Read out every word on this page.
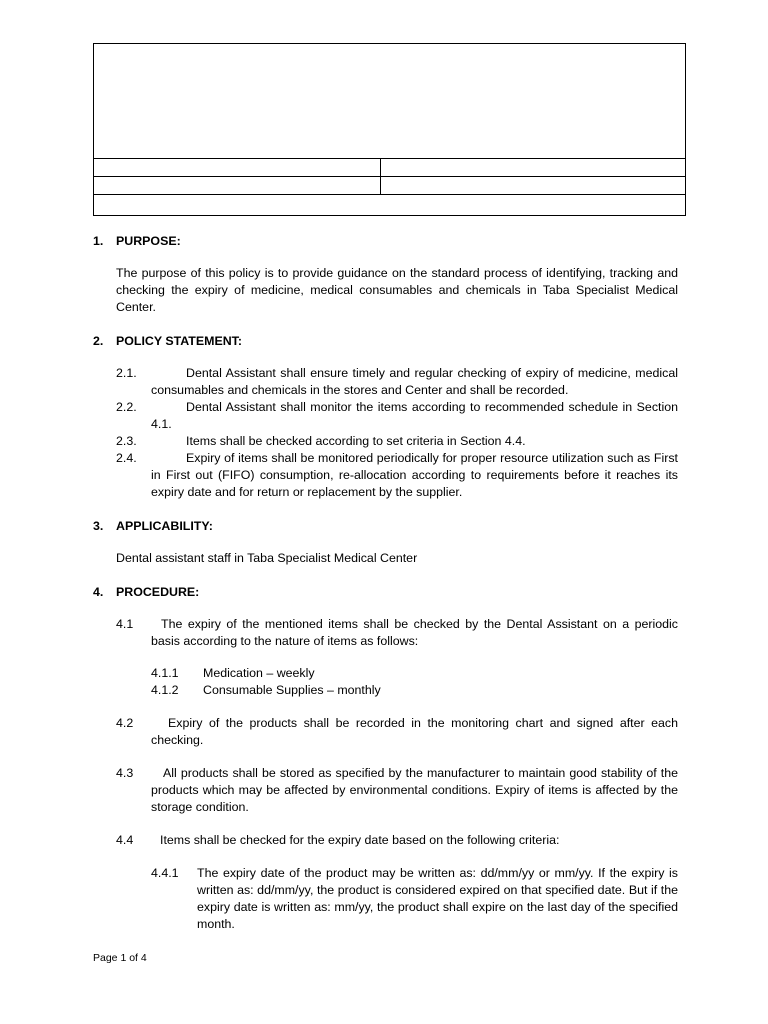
1.	PURPOSE:

The purpose of this policy is to provide guidance on the standard process of identifying, tracking and checking the expiry of medicine, medical consumables and chemicals in Taba Specialist Medical Center.

2.	POLICY STATEMENT:
2.1.	Dental Assistant shall ensure timely and regular checking of expiry of medicine, medical consumables and chemicals in the stores and Center and shall be recorded.
2.2.	Dental Assistant shall monitor the items according to recommended schedule in Section 4.1.
2.3.	Items shall be checked according to set criteria in Section 4.4.
2.4.	Expiry of items shall be monitored periodically for proper resource utilization such as First in First out (FIFO) consumption, re-allocation according to requirements before it reaches its expiry date and for return or replacement by the supplier.
3.	APPLICABILITY:

Dental assistant staff in Taba Specialist Medical Center

4.	PROCEDURE:
4.1 The expiry of the mentioned items shall be checked by the Dental Assistant on a periodic basis according to the nature of items as follows:
4.1.1 Medication – weekly
4.1.2 Consumable Supplies – monthly
4.2	Expiry of the products shall be recorded in the monitoring chart and signed after each checking.
4.3 All products shall be stored as specified by the manufacturer to maintain good stability of the products which may be affected by environmental conditions. Expiry of items is affected by the storage condition.
4.4 Items shall be checked for the expiry date based on the following criteria:
4.4.1 The expiry date of the product may be written as: dd/mm/yy or mm/yy. If the expiry is written as: dd/mm/yy, the product is considered expired on that specified date. But if the expiry date is written as: mm/yy, the product shall expire on the last day of the specified month.
Page 1 of 4
